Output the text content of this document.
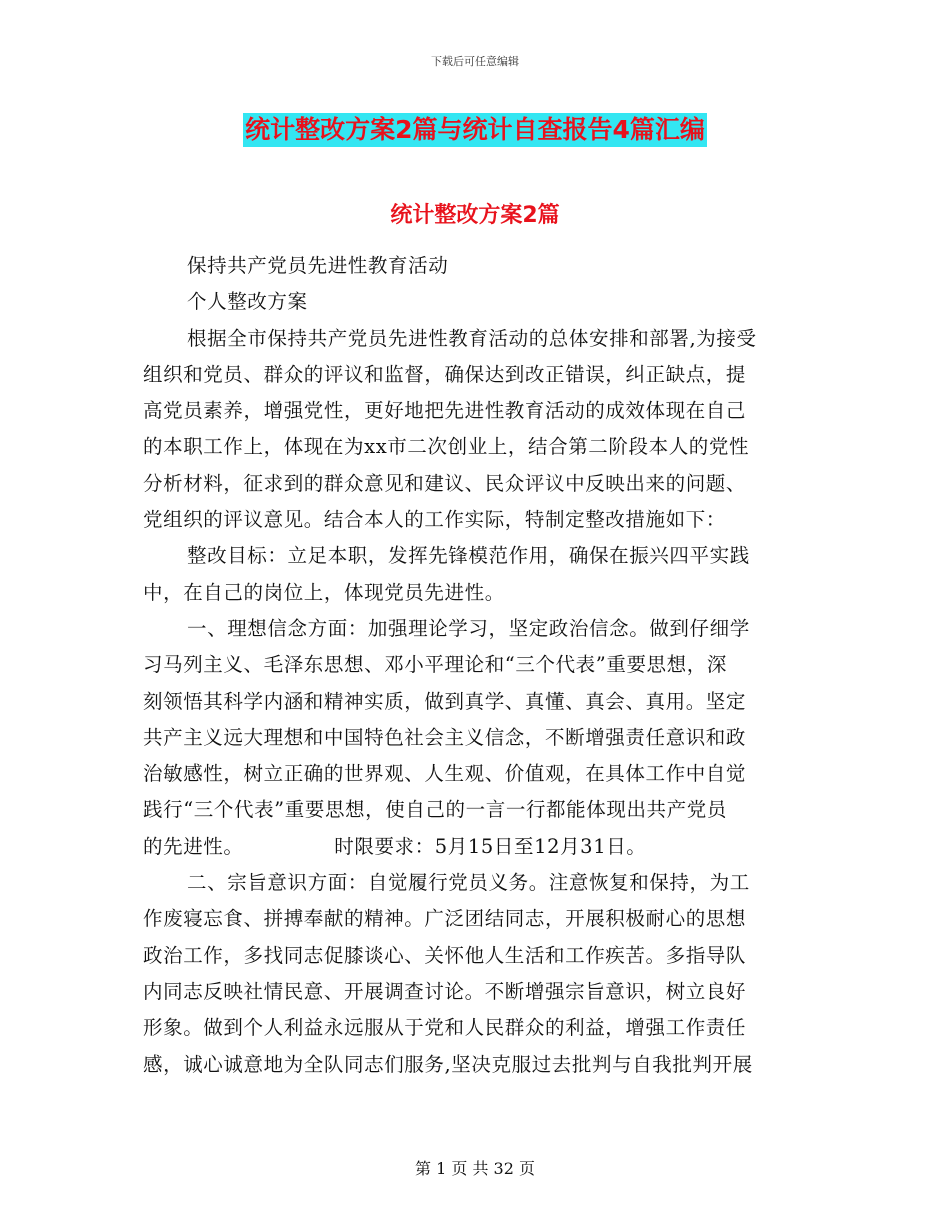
下载后可任意编辑
统计整改方案2篇与统计自查报告4篇汇编
统计整改方案2篇
保持共产党员先进性教育活动
个人整改方案
根据全市保持共产党员先进性教育活动的总体安排和部署,为接受
组织和党员、群众的评议和监督，确保达到改正错误，纠正缺点，提
高党员素养，增强党性，更好地把先进性教育活动的成效体现在自己
的本职工作上，体现在为xx市二次创业上，结合第二阶段本人的党性
分析材料，征求到的群众意见和建议、民众评议中反映出来的问题、
党组织的评议意见。结合本人的工作实际，特制定整改措施如下：
整改目标：立足本职，发挥先锋模范作用，确保在振兴四平实践
中，在自己的岗位上，体现党员先进性。
一、理想信念方面：加强理论学习，坚定政治信念。做到仔细学
习马列主义、毛泽东思想、邓小平理论和“三个代表”重要思想，深
刻领悟其科学内涵和精神实质，做到真学、真懂、真会、真用。坚定
共产主义远大理想和中国特色社会主义信念，不断增强责任意识和政
治敏感性，树立正确的世界观、人生观、价值观，在具体工作中自觉
践行“三个代表”重要思想，使自己的一言一行都能体现出共产党员
的先进性。　　　　　时限要求：5月15日至12月31日。
二、宗旨意识方面：自觉履行党员义务。注意恢复和保持，为工
作废寝忘食、拼搏奉献的精神。广泛团结同志，开展积极耐心的思想
政治工作，多找同志促膝谈心、关怀他人生活和工作疾苦。多指导队
内同志反映社情民意、开展调查讨论。不断增强宗旨意识，树立良好
形象。做到个人利益永远服从于党和人民群众的利益，增强工作责任
感，诚心诚意地为全队同志们服务,坚决克服过去批判与自我批判开展
第 1 页 共 32 页
